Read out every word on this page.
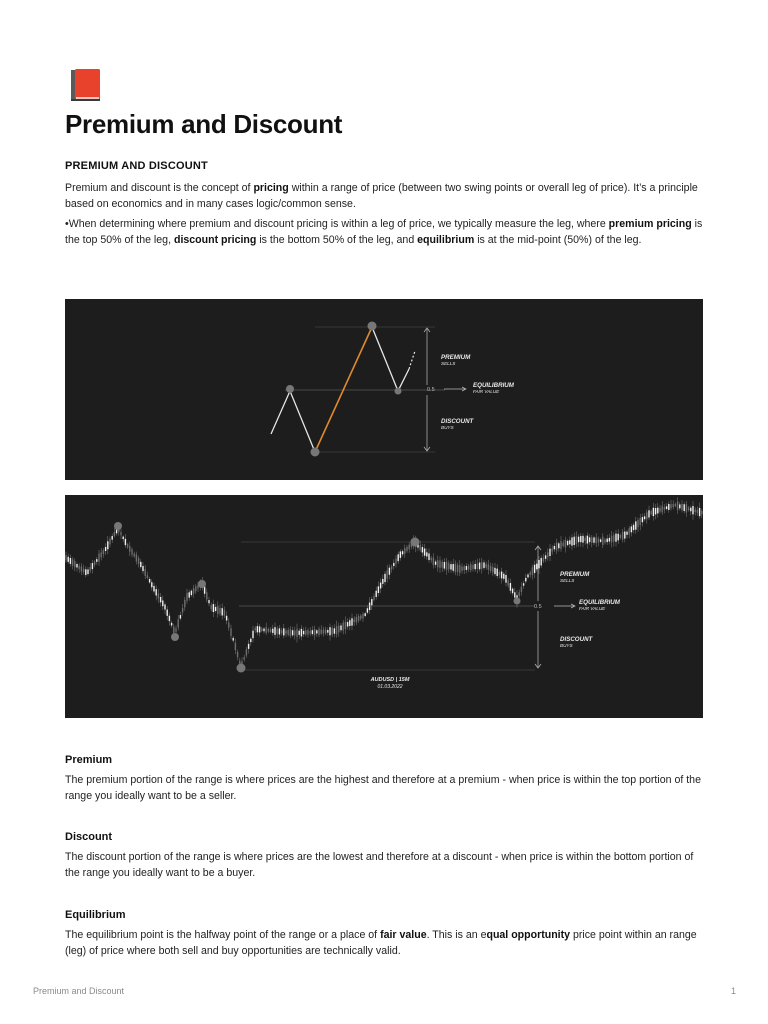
Premium and Discount
PREMIUM AND DISCOUNT

Premium and discount is the concept of pricing within a range of price (between two swing points or overall leg of price). It’s a principle based on economics and in many cases logic/common sense.

•When determining where premium and discount pricing is within a leg of price, we typically measure the leg, where premium pricing is the top 50% of the leg, discount pricing is the bottom 50% of the leg, and equilibrium is at the mid-point (50%) of the leg.

0.5
PREMIUM
SELLS
EQUILIBRIUM
FAIR VALUE
DISCOUNT
BUYS
0.5
PREMIUM
SELLS
EQUILIBRIUM
FAIR VALUE
DISCOUNT
BUYS
AUDUSD | 15M
01.03.2022
Premium

The premium portion of the range is where prices are the highest and therefore at a premium - when price is within the top portion of the range you ideally want to be a seller.

Discount

The discount portion of the range is where prices are the lowest and therefore at a discount - when price is within the bottom portion of the range you ideally want to be a buyer.

Equilibrium

The equilibrium point is the halfway point of the range or a place of fair value. This is an equal opportunity price point within an range (leg) of price where both sell and buy opportunities are technically valid.

Premium and Discount	1
